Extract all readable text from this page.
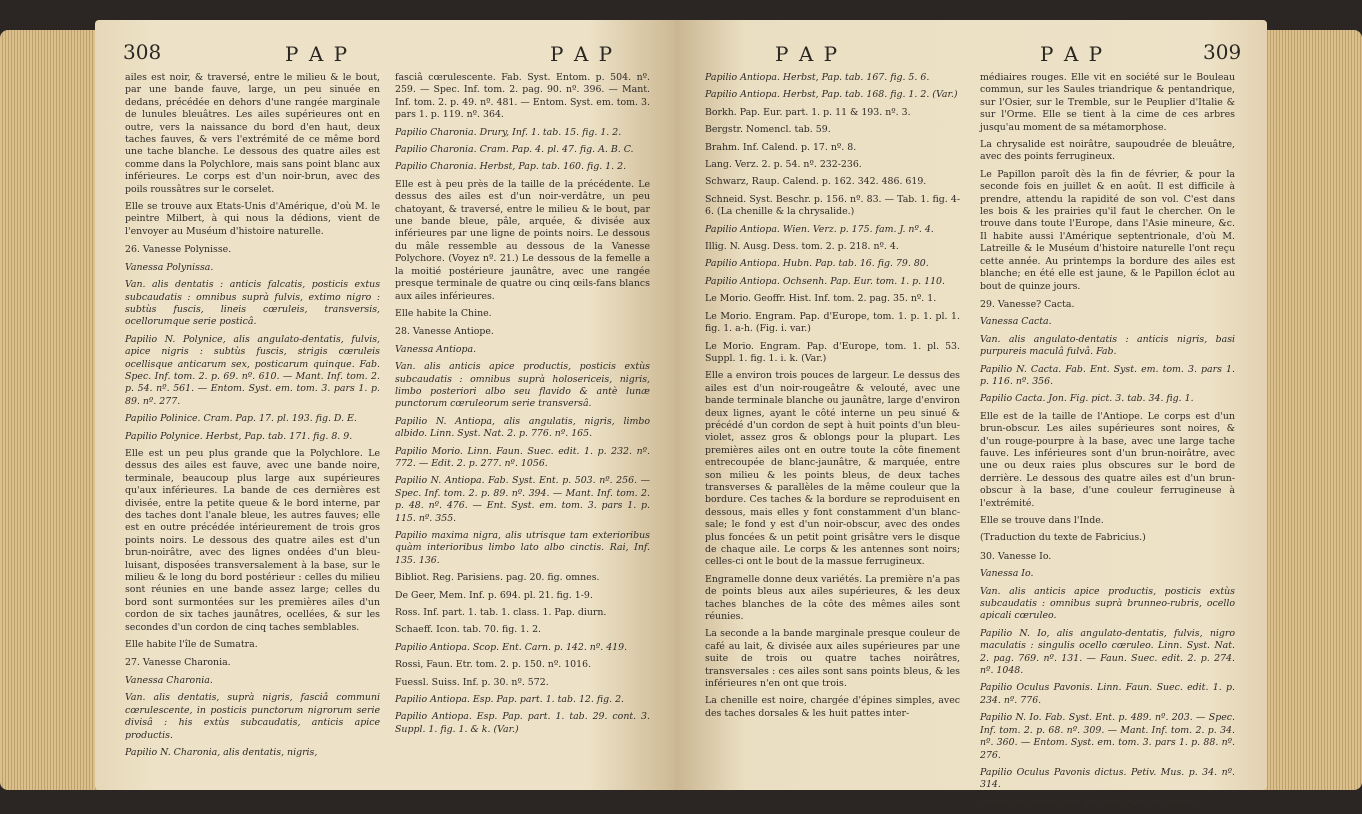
308	P A P	P A P

ailes est noir, & traversé, entre le milieu & le bout, par une bande fauve, large, un peu sinuée en dedans, précédée en dehors d'une rangée marginale de lunules bleuâtres. Les ailes supérieures ont en outre, vers la naissance du bord d'en haut, deux taches fauves, & vers l'extrémité de ce même bord une tache blanche. Le dessous des quatre ailes est comme dans la Polychlore, mais sans point blanc aux inférieures. Le corps est d'un noir-brun, avec des poils roussâtres sur le corselet.

Elle se trouve aux Etats-Unis d'Amérique, d'où M. le peintre Milbert, à qui nous la dédions, vient de l'envoyer au Muséum d'histoire naturelle.

26. Vanesse Polynisse.

Vanessa Polynissa.

Van. alis dentatis : anticis falcatis, posticis extus subcaudatis : omnibus suprà fulvis, extimo nigro : subtùs fuscis, lineis cœruleis, transversis, ocellorumque serie posticâ.

Papilio N. Polynice, alis angulato-dentatis, fulvis, apice nigris : subtùs fuscis, strigis cœruleis ocellisque anticarum sex, posticarum quinque. Fab. Spec. Inf. tom. 2. p. 69. nº. 610. — Mant. Inf. tom. 2. p. 54. nº. 561. — Entom. Syst. em. tom. 3. pars 1. p. 89. nº. 277.

Papilio Polinice. Cram. Pap. 17. pl. 193. fig. D. E.

Papilio Polynice. Herbst, Pap. tab. 171. fig. 8. 9.

Elle est un peu plus grande que la Polychlore. Le dessus des ailes est fauve, avec une bande noire, terminale, beaucoup plus large aux supérieures qu'aux inférieures. La bande de ces dernières est divisée, entre la petite queue & le bord interne, par des taches dont l'anale bleue, les autres fauves; elle est en outre précédée intérieurement de trois gros points noirs. Le dessous des quatre ailes est d'un brun-noirâtre, avec des lignes ondées d'un bleu-luisant, disposées transversalement à la base, sur le milieu & le long du bord postérieur : celles du milieu sont réunies en une bande assez large; celles du bord sont surmontées sur les premières ailes d'un cordon de six taches jaunâtres, ocellées, & sur les secondes d'un cordon de cinq taches semblables.

Elle habite l'île de Sumatra.

27. Vanesse Charonia.

Vanessa Charonia.

Van. alis dentatis, suprà nigris, fasciâ communi cœrulescente, in posticis punctorum nigrorum serie divisâ : his extùs subcaudatis, anticis apice productis.

Papilio N. Charonia, alis dentatis, nigris,

fasciâ cœrulescente. Fab. Syst. Entom. p. 504. nº. 259. — Spec. Inf. tom. 2. pag. 90. nº. 396. — Mant. Inf. tom. 2. p. 49. nº. 481. — Entom. Syst. em. tom. 3. pars 1. p. 119. nº. 364.

Papilio Charonia. Drury, Inf. 1. tab. 15. fig. 1. 2.

Papilio Charonia. Cram. Pap. 4. pl. 47. fig. A. B. C.

Papilio Charonia. Herbst, Pap. tab. 160. fig. 1. 2.

Elle est à peu près de la taille de la précédente. Le dessus des ailes est d'un noir-verdâtre, un peu chatoyant, & traversé, entre le milieu & le bout, par une bande bleue, pâle, arquée, & divisée aux inférieures par une ligne de points noirs. Le dessous du mâle ressemble au dessous de la Vanesse Polychore. (Voyez nº. 21.) Le dessous de la femelle a la moitié postérieure jaunâtre, avec une rangée presque terminale de quatre ou cinq œils-fans blancs aux ailes inférieures.

Elle habite la Chine.

28. Vanesse Antiope.

Vanessa Antiopa.

Van. alis anticis apice productis, posticis extùs subcaudatis : omnibus suprà holosericeis, nigris, limbo posteriori albo seu flavido & antè lunæ punctorum cœruleorum serie transversâ.

Papilio N. Antiopa, alis angulatis, nigris, limbo albido. Linn. Syst. Nat. 2. p. 776. nº. 165.

Papilio Morio. Linn. Faun. Suec. edit. 1. p. 232. nº. 772. — Edit. 2. p. 277. nº. 1056.

Papilio N. Antiopa. Fab. Syst. Ent. p. 503. nº. 256. — Spec. Inf. tom. 2. p. 89. nº. 394. — Mant. Inf. tom. 2. p. 48. nº. 476. — Ent. Syst. em. tom. 3. pars 1. p. 115. nº. 355.

Papilio maxima nigra, alis utrisque tam exterioribus quàm interioribus limbo lato albo cinctis. Rai, Inf. 135. 136.

Bibliot. Reg. Parisiens. pag. 20. fig. omnes.

De Geer, Mem. Inf. p. 694. pl. 21. fig. 1-9.

Ross. Inf. part. 1. tab. 1. class. 1. Pap. diurn.

Schaeff. Icon. tab. 70. fig. 1. 2.

Papilio Antiopa. Scop. Ent. Carn. p. 142. nº. 419.

Rossi, Faun. Etr. tom. 2. p. 150. nº. 1016.

Fuessl. Suiss. Inf. p. 30. nº. 572.

Papilio Antiopa. Esp. Pap. part. 1. tab. 12. fig. 2.

Papilio Antiopa. Esp. Pap. part. 1. tab. 29. cont. 3. Suppl. 1. fig. 1. & k. (Var.)

P A P	P A P	309

Papilio Antiopa. Herbst, Pap. tab. 167. fig. 5. 6.

Papilio Antiopa. Herbst, Pap. tab. 168. fig. 1. 2. (Var.)

Borkh. Pap. Eur. part. 1. p. 11 & 193. nº. 3.

Bergstr. Nomencl. tab. 59.

Brahm. Inf. Calend. p. 17. nº. 8.

Lang. Verz. 2. p. 54. nº. 232-236.

Schwarz, Raup. Calend. p. 162. 342. 486. 619.

Schneid. Syst. Beschr. p. 156. nº. 83. — Tab. 1. fig. 4-6. (La chenille & la chrysalide.)

Papilio Antiopa. Wien. Verz. p. 175. fam. J. nº. 4.

Illig. N. Ausg. Dess. tom. 2. p. 218. nº. 4.

Papilio Antiopa. Hubn. Pap. tab. 16. fig. 79. 80.

Papilio Antiopa. Ochsenh. Pap. Eur. tom. 1. p. 110.

Le Morio. Geoffr. Hist. Inf. tom. 2. pag. 35. nº. 1.

Le Morio. Engram. Pap. d'Europe, tom. 1. p. 1. pl. 1. fig. 1. a-h. (Fig. i. var.)

Le Morio. Engram. Pap. d'Europe, tom. 1. pl. 53. Suppl. 1. fig. 1. i. k. (Var.)

Elle a environ trois pouces de largeur. Le dessus des ailes est d'un noir-rougeâtre & velouté, avec une bande terminale blanche ou jaunâtre, large d'environ deux lignes, ayant le côté interne un peu sinué & précédé d'un cordon de sept à huit points d'un bleu-violet, assez gros & oblongs pour la plupart. Les premières ailes ont en outre toute la côte finement entrecoupée de blanc-jaunâtre, & marquée, entre son milieu & les points bleus, de deux taches transverses & parallèles de la même couleur que la bordure. Ces taches & la bordure se reproduisent en dessous, mais elles y font constamment d'un blanc-sale; le fond y est d'un noir-obscur, avec des ondes plus foncées & un petit point grisâtre vers le disque de chaque aile. Le corps & les antennes sont noirs; celles-ci ont le bout de la massue ferrugineux.

Engramelle donne deux variétés. La première n'a pas de points bleus aux ailes supérieures, & les deux taches blanches de la côte des mêmes ailes sont réunies.

La seconde a la bande marginale presque couleur de café au lait, & divisée aux ailes supérieures par une suite de trois ou quatre taches noirâtres, transversales : ces ailes sont sans points bleus, & les inférieures n'en ont que trois.

La chenille est noire, chargée d'épines simples, avec des taches dorsales & les huit pattes inter-

médiaires rouges. Elle vit en société sur le Bouleau commun, sur les Saules triandrique & pentandrique, sur l'Osier, sur le Tremble, sur le Peuplier d'Italie & sur l'Orme. Elle se tient à la cime de ces arbres jusqu'au moment de sa métamorphose.

La chrysalide est noirâtre, saupoudrée de bleuâtre, avec des points ferrugineux.

Le Papillon paroît dès la fin de février, & pour la seconde fois en juillet & en août. Il est difficile à prendre, attendu la rapidité de son vol. C'est dans les bois & les prairies qu'il faut le chercher. On le trouve dans toute l'Europe, dans l'Asie mineure, &c. Il habite aussi l'Amérique septentrionale, d'où M. Latreille & le Muséum d'histoire naturelle l'ont reçu cette année. Au printemps la bordure des ailes est blanche; en été elle est jaune, & le Papillon éclot au bout de quinze jours.

29. Vanesse? Cacta.

Vanessa Cacta.

Van. alis angulato-dentatis : anticis nigris, basi purpureis maculâ fulvâ. Fab.

Papilio N. Cacta. Fab. Ent. Syst. em. tom. 3. pars 1. p. 116. nº. 356.

Papilio Cacta. Jon. Fig. pict. 3. tab. 34. fig. 1.

Elle est de la taille de l'Antiope. Le corps est d'un brun-obscur. Les ailes supérieures sont noires, & d'un rouge-pourpre à la base, avec une large tache fauve. Les inférieures sont d'un brun-noirâtre, avec une ou deux raies plus obscures sur le bord de derrière. Le dessous des quatre ailes est d'un brun-obscur à la base, d'une couleur ferrugineuse à l'extrémité.

Elle se trouve dans l'Inde.

(Traduction du texte de Fabricius.)

30. Vanesse Io.

Vanessa Io.

Van. alis anticis apice productis, posticis extùs subcaudatis : omnibus suprà brunneo-rubris, ocello apicali cœruleo.

Papilio N. Io, alis angulato-dentatis, fulvis, nigro maculatis : singulis ocello cœruleo. Linn. Syst. Nat. 2. pag. 769. nº. 131. — Faun. Suec. edit. 2. p. 274. nº. 1048.

Papilio Oculus Pavonis. Linn. Faun. Suec. edit. 1. p. 234. nº. 776.

Papilio N. Io. Fab. Syst. Ent. p. 489. nº. 203. — Spec. Inf. tom. 2. p. 68. nº. 309. — Mant. Inf. tom. 2. p. 34. nº. 360. — Entom. Syst. em. tom. 3. pars 1. p. 88. nº. 276.

Papilio Oculus Pavonis dictus. Petiv. Mus. p. 34. nº. 314.

Papilio elegantissima ad urticariam accedens,
